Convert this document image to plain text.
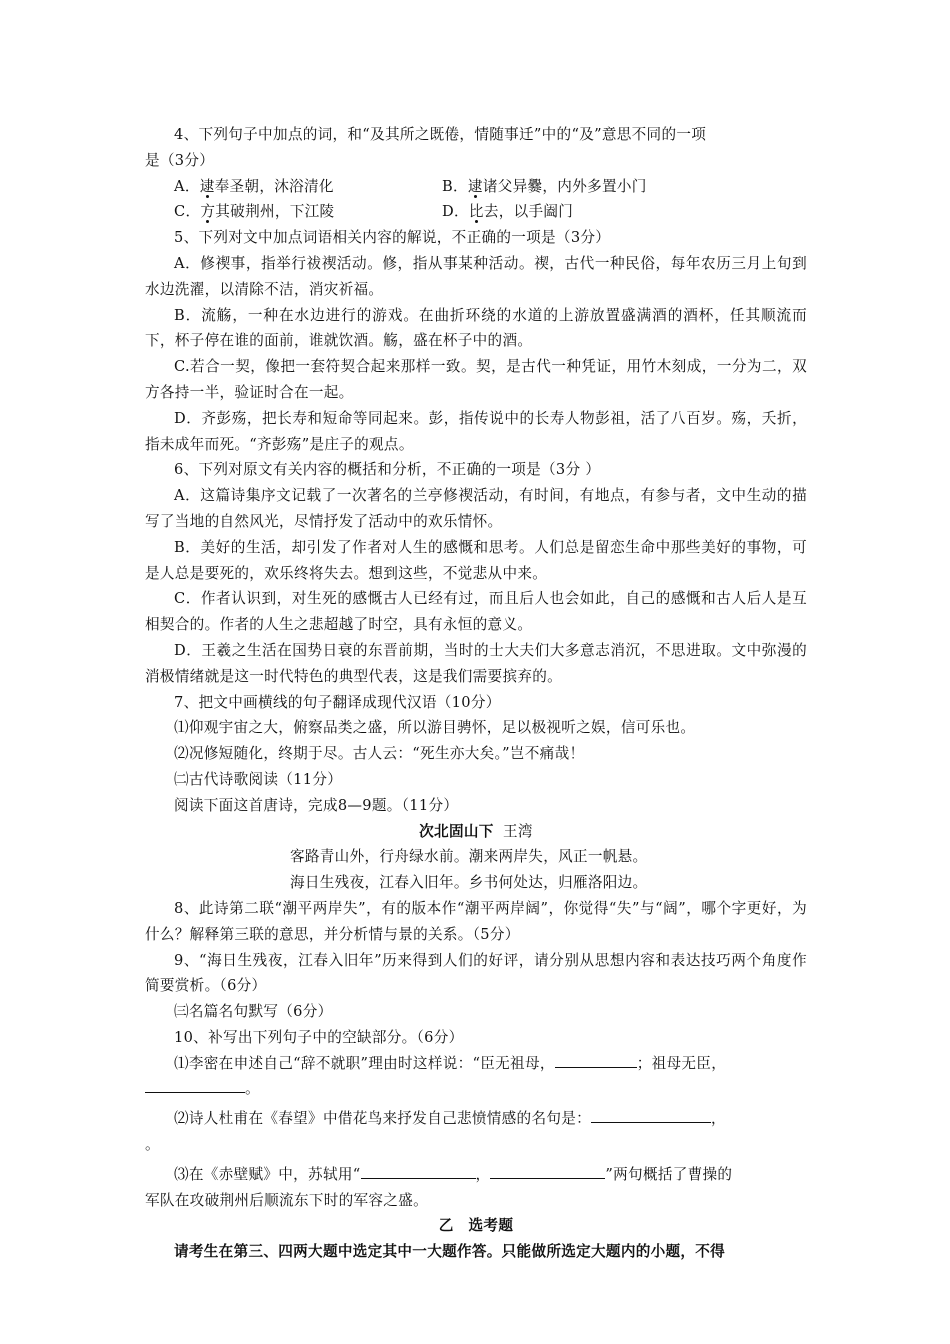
4、下列句子中加点的词，和“及其所之既倦，情随事迁”中的“及”意思不同的一项

是（3分）

A．逮奉圣朝，沐浴清化	B．逮诸父异爨，内外多置小门
C．方其破荆州，下江陵	D．比去，以手阖门

5、下列对文中加点词语相关内容的解说，不正确的一项是（3分）

A．修禊事，指举行祓禊活动。修，指从事某种活动。禊，古代一种民俗，每年农历三月上旬到水边洗濯，以清除不洁，消灾祈福。

B．流觞，一种在水边进行的游戏。在曲折环绕的水道的上游放置盛满酒的酒杯，任其顺流而下，杯子停在谁的面前，谁就饮酒。觞，盛在杯子中的酒。

C.若合一契，像把一套符契合起来那样一致。契，是古代一种凭证，用竹木刻成，一分为二，双方各持一半，验证时合在一起。

D．齐彭殇，把长寿和短命等同起来。彭，指传说中的长寿人物彭祖，活了八百岁。殇，夭折，指未成年而死。“齐彭殇”是庄子的观点。

6、下列对原文有关内容的概括和分析，不正确的一项是（3分 ）

A．这篇诗集序文记载了一次著名的兰亭修禊活动，有时间，有地点，有参与者，文中生动的描写了当地的自然风光，尽情抒发了活动中的欢乐情怀。

B．美好的生活，却引发了作者对人生的感慨和思考。人们总是留恋生命中那些美好的事物，可是人总是要死的，欢乐终将失去。想到这些，不觉悲从中来。

C．作者认识到，对生死的感慨古人已经有过，而且后人也会如此，自己的感慨和古人后人是互相契合的。作者的人生之悲超越了时空，具有永恒的意义。

D．王羲之生活在国势日衰的东晋前期，当时的士大夫们大多意志消沉，不思进取。文中弥漫的消极情绪就是这一时代特色的典型代表，这是我们需要摈弃的。

7、把文中画横线的句子翻译成现代汉语（10分）

⑴仰观宇宙之大，俯察品类之盛，所以游目骋怀，足以极视听之娱，信可乐也。

⑵况修短随化，终期于尽。古人云：“死生亦大矣。”岂不痛哉！

㈡古代诗歌阅读（11分）

阅读下面这首唐诗，完成8—9题。（11分）

次北固山下 王湾

客路青山外，行舟绿水前。潮来两岸失，风正一帆悬。

海日生残夜，江春入旧年。乡书何处达，归雁洛阳边。

8、此诗第二联“潮平两岸失”，有的版本作“潮平两岸阔”，你觉得“失”与“阔”，哪个字更好，为什么？解释第三联的意思，并分析情与景的关系。（5分）

9、“海日生残夜，江春入旧年”历来得到人们的好评，请分别从思想内容和表达技巧两个角度作简要赏析。（6分）

㈢名篇名句默写（6分）

10、补写出下列句子中的空缺部分。（6分）

⑴李密在申述自己“辞不就职”理由时这样说：“臣无祖母，	；祖母无臣，

。

⑵诗人杜甫在《春望》中借花鸟来抒发自己悲愤情感的名句是：	，

。

⑶在《赤壁赋》中，苏轼用“	，	”两句概括了曹操的

军队在攻破荆州后顺流东下时的军容之盛。

乙　选考题

请考生在第三、四两大题中选定其中一大题作答。只能做所选定大题内的小题，不得
